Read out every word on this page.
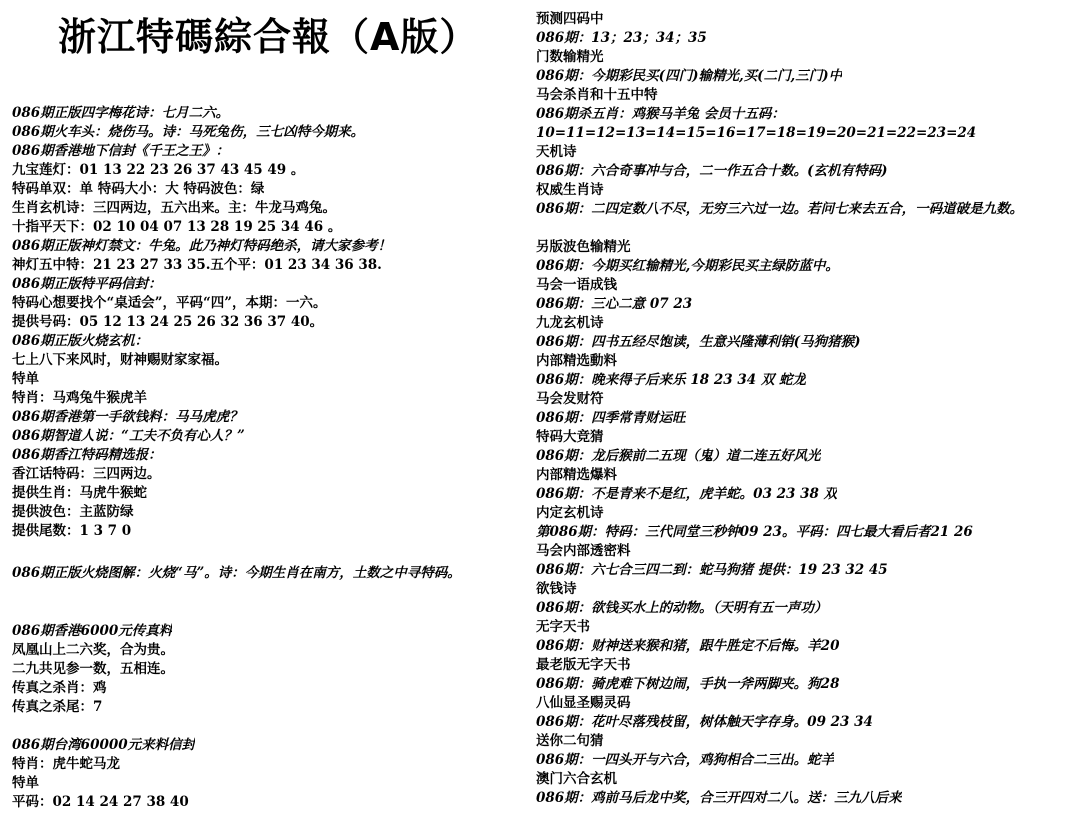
浙江特碼綜合報（A版）
086期正版四字梅花诗：七月二六。
086期火车头：烧伤马。诗：马死兔伤，三七凶特今期来。
086期香港地下信封《千王之王》：
九宝莲灯：01 13 22 23 26 37 43 45 49 。
特码单双：单 特码大小：大 特码波色：绿
生肖玄机诗：三四两边，五六出来。主：牛龙马鸡兔。
十指平天下：02 10 04 07 13 28 19 25 34 46 。
086期正版神灯禁文：牛兔。此乃神灯特码绝杀，请大家参考！
神灯五中特：21 23 27 33 35.五个平：01 23 34 36 38.
086期正版特平码信封：
特码心想要找个“桌适会”，平码“四”，本期：一六。
提供号码：05 12 13 24 25 26 32 36 37 40。
086期正版火烧玄机：
七上八下来风时，财神赐财家家福。
特单
特肖：马鸡兔牛猴虎羊
086期香港第一手欲钱料：马马虎虎？
086期智道人说：“工夫不负有心人？”
086期香江特码精选报：
香江话特码：三四两边。
提供生肖：马虎牛猴蛇
提供波色：主蓝防绿
提供尾数：1 3 7 0
086期正版火烧图解：火烧“马”。诗：今期生肖在南方，土数之中寻特码。
086期香港6000元传真料
凤凰山上二六奖，合为贵。
二九共见参一数，五相连。
传真之杀肖：鸡
传真之杀尾：7
086期台湾60000元来料信封
特肖：虎牛蛇马龙
特单
平码：02 14 24 27 38 40
预测四码中
086期：13；23；34；35
门数输精光
086期：今期彩民买(四门)输精光,买(二门,三门)中
马会杀肖和十五中特
086期杀五肖：鸡猴马羊兔 会员十五码：
10=11=12=13=14=15=16=17=18=19=20=21=22=23=24
天机诗
086期：六合奇事冲与合，二一作五合十数。(玄机有特码)
权威生肖诗
086期：二四定数八不尽，无穷三六过一边。若问七来去五合，一码道破是九数。
另版波色输精光
086期：今期买红输精光,今期彩民买主绿防蓝中。
马会一语成钱
086期：三心二意 07 23
九龙玄机诗
086期：四书五经尽饱读，生意兴隆薄利销(马狗猪猴)
内部精选動料
086期：晚来得子后来乐 18 23 34 双 蛇龙
马会发财符
086期：四季常青财运旺
特码大竞猜
086期：龙后猴前二五现（鬼）道二连五好风光
内部精选爆料
086期：不是青来不是红，虎羊蛇。03 23 38 双
内定玄机诗
第086期：特码：三代同堂三秒钟09 23。平码：四七最大看后者21 26
马会内部透密料
086期：六七合三四二到：蛇马狗猪 提供：19 23 32 45
欲钱诗
086期：欲钱买水上的动物。（天明有五一声功）
无字天书
086期：财神送来猴和猪，跟牛胜定不后悔。羊20
最老版无字天书
086期：骑虎难下树边闹，手执一斧两脚夹。狗28
八仙显圣赐灵码
086期：花叶尽落残枝留，树体触天字存身。09 23 34
送你二句猜
086期：一四头开与六合，鸡狗相合二三出。蛇羊
澳门六合玄机
086期：鸡前马后龙中奖，合三开四对二八。送：三九八后来
